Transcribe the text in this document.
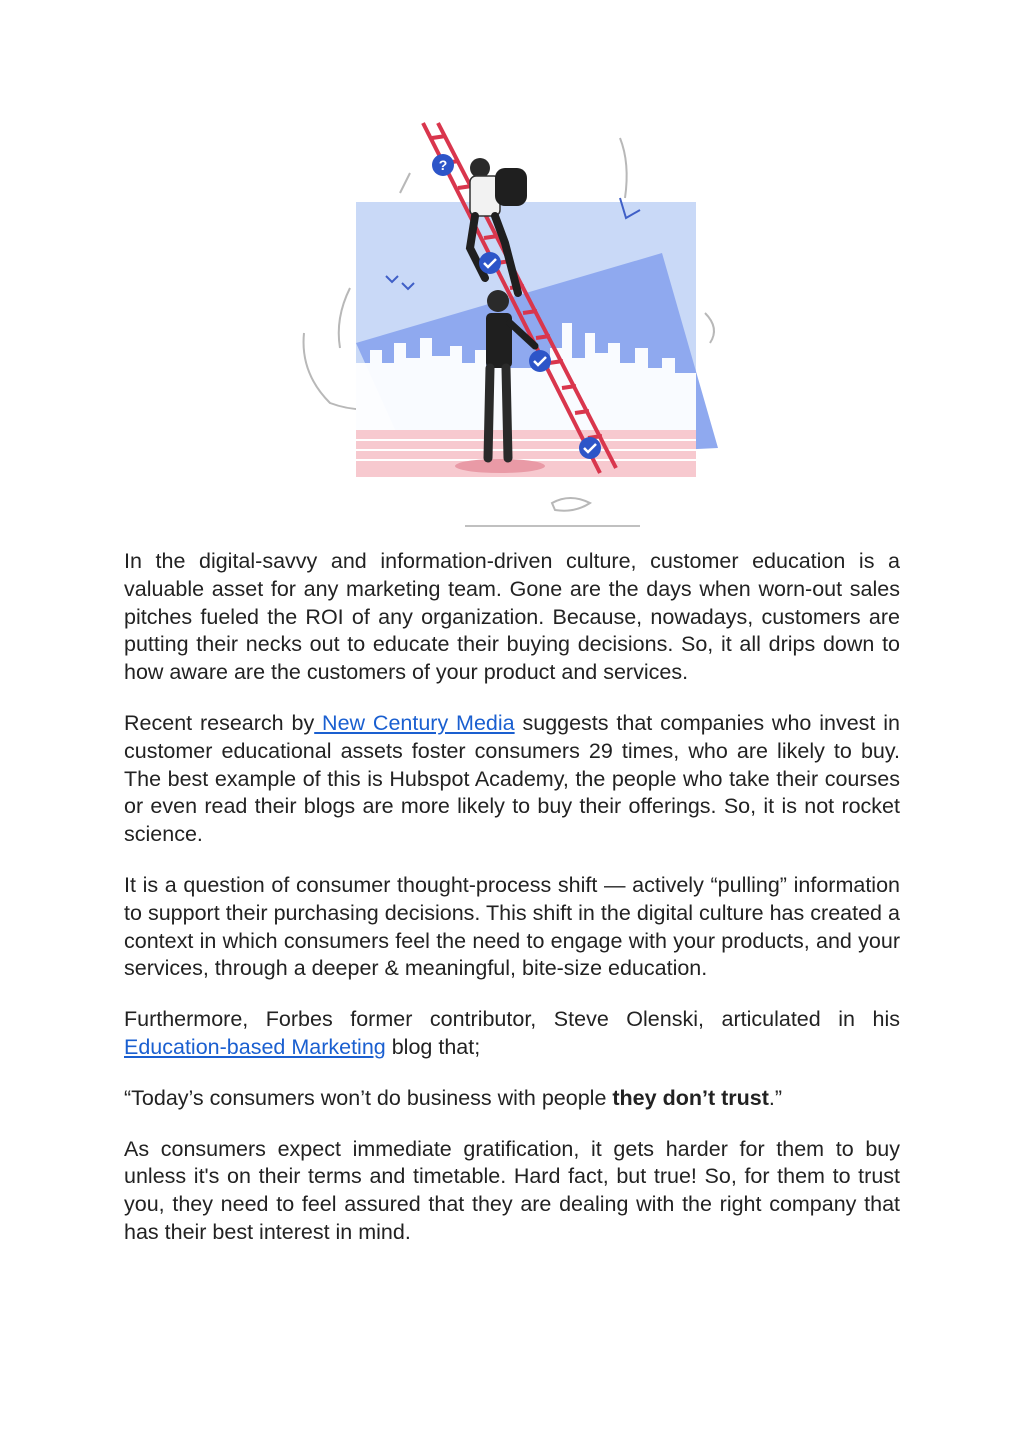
?

In the digital-savvy and information-driven culture, customer education is a valuable asset for any marketing team. Gone are the days when worn-out sales pitches fueled the ROI of any organization. Because, nowadays, customers are putting their necks out to educate their buying decisions. So, it all drips down to how aware are the customers of your product and services.

Recent research by New Century Media suggests that companies who invest in customer educational assets foster consumers 29 times, who are likely to buy. The best example of this is Hubspot Academy, the people who take their courses or even read their blogs are more likely to buy their offerings. So, it is not rocket science.

It is a question of consumer thought-process shift — actively “pulling” information to support their purchasing decisions. This shift in the digital culture has created a context in which consumers feel the need to engage with your products, and your services, through a deeper & meaningful, bite-size education.

Furthermore, Forbes former contributor, Steve Olenski, articulated in his Education-based Marketing blog that;

“Today’s consumers won’t do business with people they don’t trust.”

As consumers expect immediate gratification, it gets harder for them to buy unless it's on their terms and timetable. Hard fact, but true! So, for them to trust you, they need to feel assured that they are dealing with the right company that has their best interest in mind.
